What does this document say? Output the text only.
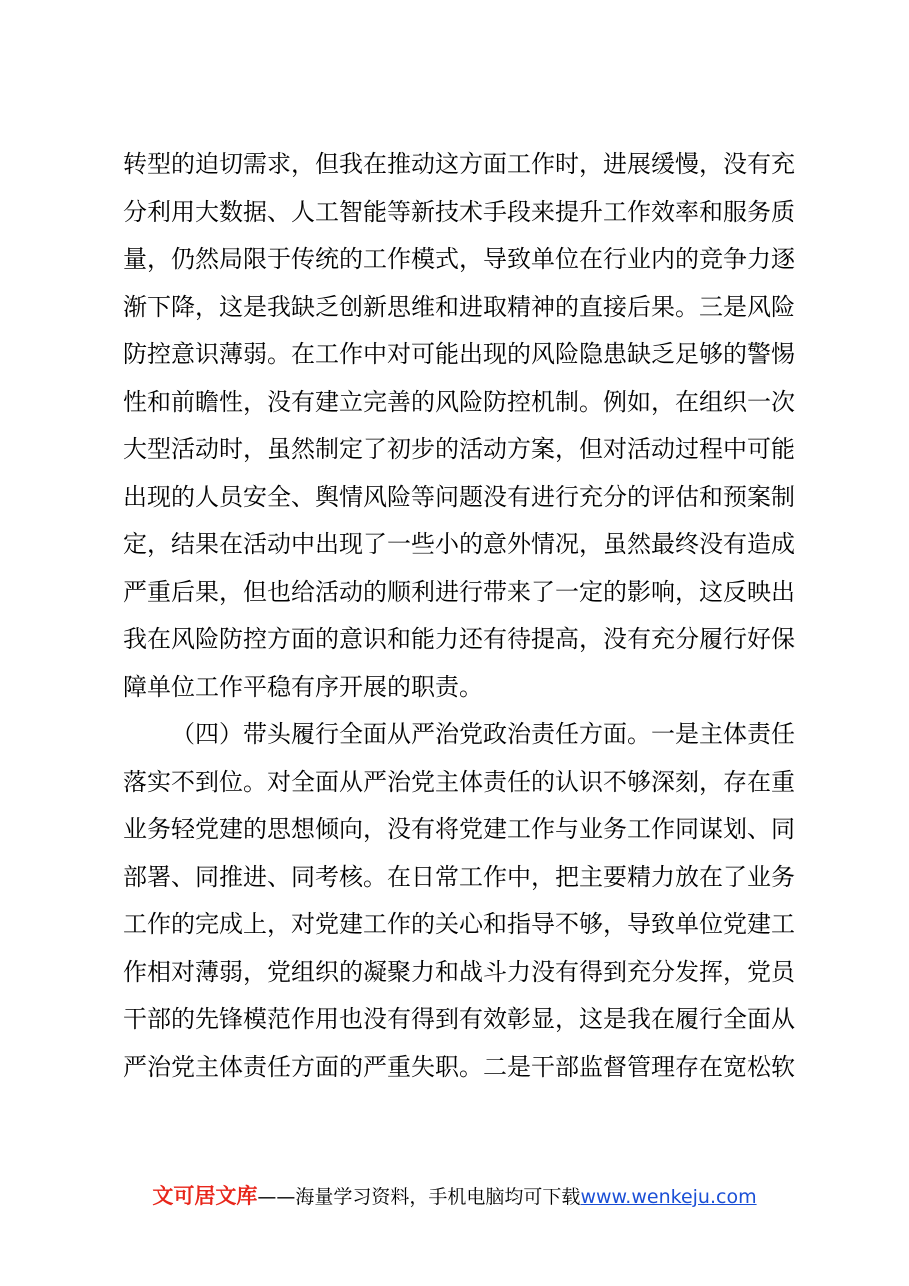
转型的迫切需求，但我在推动这方面工作时，进展缓慢，没有充
分利用大数据、人工智能等新技术手段来提升工作效率和服务质
量，仍然局限于传统的工作模式，导致单位在行业内的竞争力逐
渐下降，这是我缺乏创新思维和进取精神的直接后果。三是风险
防控意识薄弱。在工作中对可能出现的风险隐患缺乏足够的警惕
性和前瞻性，没有建立完善的风险防控机制。例如，在组织一次
大型活动时，虽然制定了初步的活动方案，但对活动过程中可能
出现的人员安全、舆情风险等问题没有进行充分的评估和预案制
定，结果在活动中出现了一些小的意外情况，虽然最终没有造成
严重后果，但也给活动的顺利进行带来了一定的影响，这反映出
我在风险防控方面的意识和能力还有待提高，没有充分履行好保
障单位工作平稳有序开展的职责。
（四）带头履行全面从严治党政治责任方面。一是主体责任
落实不到位。对全面从严治党主体责任的认识不够深刻，存在重
业务轻党建的思想倾向，没有将党建工作与业务工作同谋划、同
部署、同推进、同考核。在日常工作中，把主要精力放在了业务
工作的完成上，对党建工作的关心和指导不够，导致单位党建工
作相对薄弱，党组织的凝聚力和战斗力没有得到充分发挥，党员
干部的先锋模范作用也没有得到有效彰显，这是我在履行全面从
严治党主体责任方面的严重失职。二是干部监督管理存在宽松软
文可居文库——海量学习资料，手机电脑均可下载www.wenkeju.com
